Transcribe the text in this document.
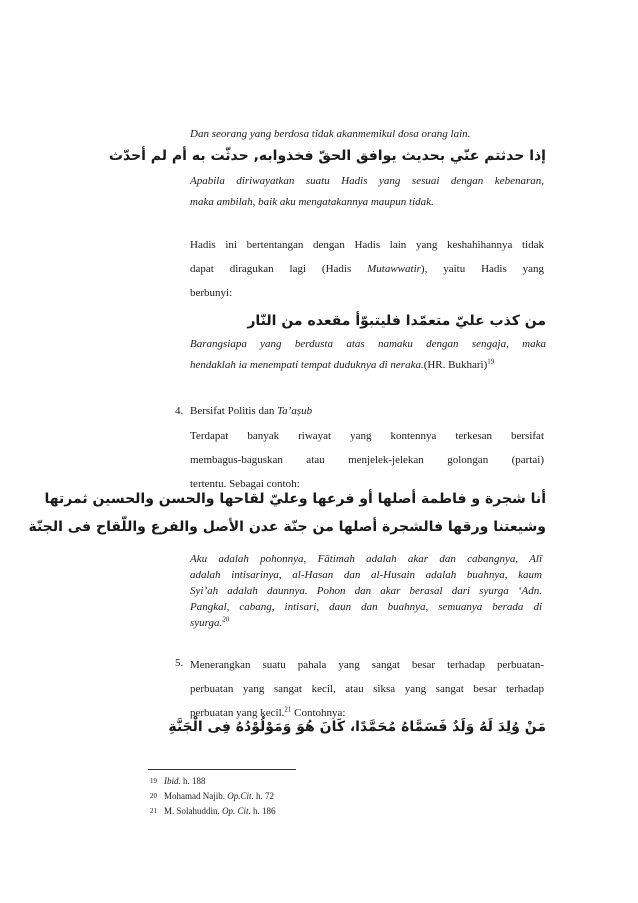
Dan seorang yang berdosa tidak akanmemikul dosa orang lain.
إذا حدثتم عنّي بحديث يوافق الحقّ فخذوابه, حدثّت به أم لم أحدّث
Apabila diriwayatkan suatu Hadis yang sesuai dengan kebenaran,
maka ambilah, baik aku mengatakannya maupun tidak.
Hadis ini bertentangan dengan Hadis lain yang keshahihannya tidak
dapat diragukan lagi (Hadis Mutawwatir), yaitu Hadis yang
berbunyi:
من كذب عليّ متعمّدا فليتبوّأ مقعده من النّار
Barangsiapa yang berdusta atas namaku dengan sengaja, maka
hendaklah ia menempati tempat duduknya di neraka.(HR. Bukhari)$^{19}$
4. Bersifat Politis dan Ta’aṣub
Terdapat banyak riwayat yang kontennya terkesan bersifat
membagus-baguskan atau menjelek-jelekan golongan (partai)
tertentu. Sebagai contoh:
أنا شجرة و فاطمة أصلها أو فرعها وعليّ لقاحها والحسن والحسين ثمرتها
وشيعتنا ورقها فالشجرة أصلها من جنّة عدن الأصل والفرع واللّقاح فى الجنّة
Aku adalah pohonnya, Fātimah adalah akar dan cabangnya, Alī
adalah intisarinya, al-Hasan dan al-Husain adalah buahnya, kaum
Syi’ah adalah daunnya. Pohon dan akar berasal dari syurga ‘Adn.
Pangkal, cabang, intisari, daun dan buahnya, semuanya berada di
syurga.$^{20}$
5. Menerangkan suatu pahala yang sangat besar terhadap perbuatan-
perbuatan yang sangat kecil, atau siksa yang sangat besar terhadap
perbuatan yang kecil.$^{21}$ Contohnya:
مَنْ وُلِدَ لَهُ وَلَدٌ فَسَمَّاهُ مُحَمَّدًا، كَانَ هُوَ وَمَوْلُوْدُهُ فِى الْجَنَّةِ
19 Ibid. h. 188
20 Mohamad Najib. Op.Cit. h. 72
21 M. Solahuddin. Op. Cit. h. 186
